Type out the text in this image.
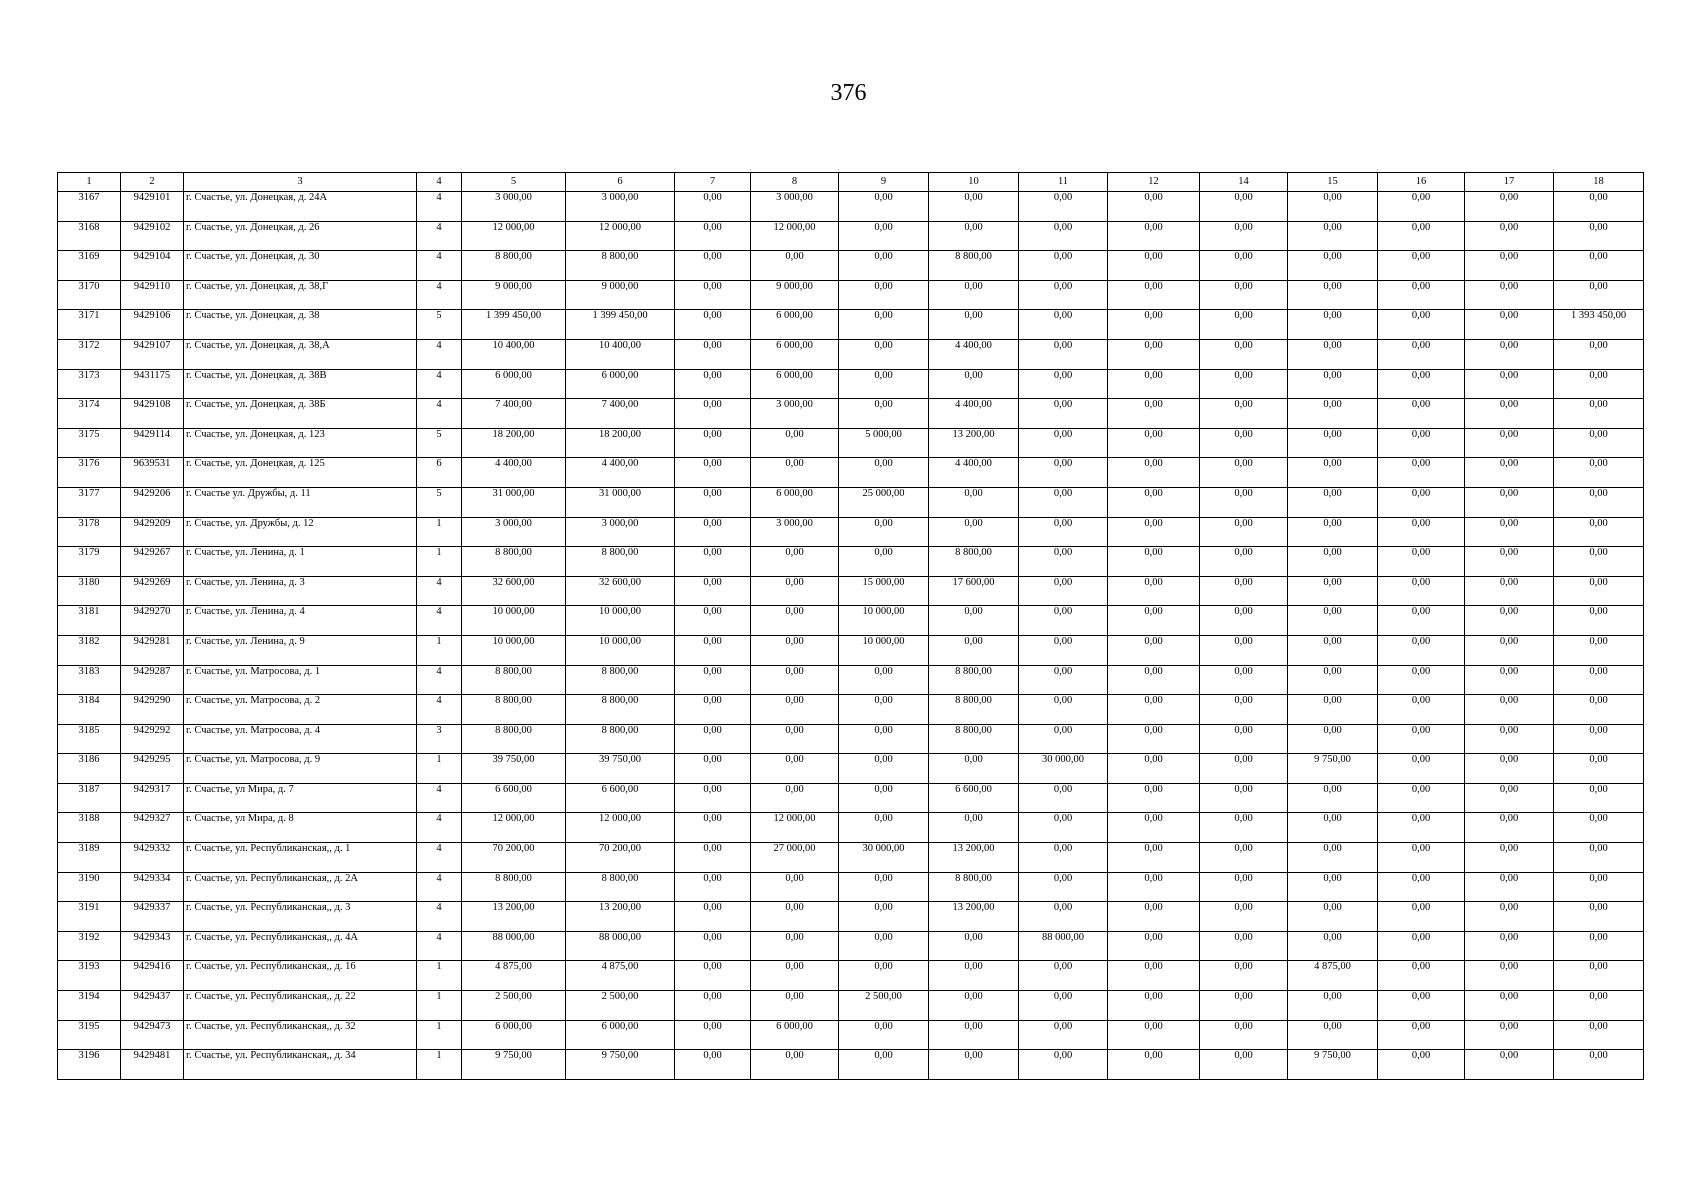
376
1	2	3	4	5	6	7	8	9	10	11	12	14	15	16	17	18
3167	9429101	г. Счастье, ул. Донецкая, д. 24А	4	3 000,00	3 000,00	0,00	3 000,00	0,00	0,00	0,00	0,00	0,00	0,00	0,00	0,00	0,00
3168	9429102	г. Счастье, ул. Донецкая, д. 26	4	12 000,00	12 000,00	0,00	12 000,00	0,00	0,00	0,00	0,00	0,00	0,00	0,00	0,00	0,00
3169	9429104	г. Счастье, ул. Донецкая, д. 30	4	8 800,00	8 800,00	0,00	0,00	0,00	8 800,00	0,00	0,00	0,00	0,00	0,00	0,00	0,00
3170	9429110	г. Счастье, ул. Донецкая, д. 38,Г	4	9 000,00	9 000,00	0,00	9 000,00	0,00	0,00	0,00	0,00	0,00	0,00	0,00	0,00	0,00
3171	9429106	г. Счастье, ул. Донецкая, д. 38	5	1 399 450,00	1 399 450,00	0,00	6 000,00	0,00	0,00	0,00	0,00	0,00	0,00	0,00	0,00	1 393 450,00
3172	9429107	г. Счастье, ул. Донецкая, д. 38,А	4	10 400,00	10 400,00	0,00	6 000,00	0,00	4 400,00	0,00	0,00	0,00	0,00	0,00	0,00	0,00
3173	9431175	г. Счастье, ул. Донецкая, д. 38В	4	6 000,00	6 000,00	0,00	6 000,00	0,00	0,00	0,00	0,00	0,00	0,00	0,00	0,00	0,00
3174	9429108	г. Счастье, ул. Донецкая, д. 38Б	4	7 400,00	7 400,00	0,00	3 000,00	0,00	4 400,00	0,00	0,00	0,00	0,00	0,00	0,00	0,00
3175	9429114	г. Счастье, ул. Донецкая, д. 123	5	18 200,00	18 200,00	0,00	0,00	5 000,00	13 200,00	0,00	0,00	0,00	0,00	0,00	0,00	0,00
3176	9639531	г. Счастье, ул. Донецкая, д. 125	6	4 400,00	4 400,00	0,00	0,00	0,00	4 400,00	0,00	0,00	0,00	0,00	0,00	0,00	0,00
3177	9429206	г. Счастье ул. Дружбы, д. 11	5	31 000,00	31 000,00	0,00	6 000,00	25 000,00	0,00	0,00	0,00	0,00	0,00	0,00	0,00	0,00
3178	9429209	г. Счастье, ул. Дружбы, д. 12	1	3 000,00	3 000,00	0,00	3 000,00	0,00	0,00	0,00	0,00	0,00	0,00	0,00	0,00	0,00
3179	9429267	г. Счастье, ул. Ленина, д. 1	1	8 800,00	8 800,00	0,00	0,00	0,00	8 800,00	0,00	0,00	0,00	0,00	0,00	0,00	0,00
3180	9429269	г. Счастье, ул. Ленина, д. 3	4	32 600,00	32 600,00	0,00	0,00	15 000,00	17 600,00	0,00	0,00	0,00	0,00	0,00	0,00	0,00
3181	9429270	г. Счастье, ул. Ленина, д. 4	4	10 000,00	10 000,00	0,00	0,00	10 000,00	0,00	0,00	0,00	0,00	0,00	0,00	0,00	0,00
3182	9429281	г. Счастье, ул. Ленина, д. 9	1	10 000,00	10 000,00	0,00	0,00	10 000,00	0,00	0,00	0,00	0,00	0,00	0,00	0,00	0,00
3183	9429287	г. Счастье, ул. Матросова, д. 1	4	8 800,00	8 800,00	0,00	0,00	0,00	8 800,00	0,00	0,00	0,00	0,00	0,00	0,00	0,00
3184	9429290	г. Счастье, ул. Матросова, д. 2	4	8 800,00	8 800,00	0,00	0,00	0,00	8 800,00	0,00	0,00	0,00	0,00	0,00	0,00	0,00
3185	9429292	г. Счастье, ул. Матросова, д. 4	3	8 800,00	8 800,00	0,00	0,00	0,00	8 800,00	0,00	0,00	0,00	0,00	0,00	0,00	0,00
3186	9429295	г. Счастье, ул. Матросова, д. 9	1	39 750,00	39 750,00	0,00	0,00	0,00	0,00	30 000,00	0,00	0,00	9 750,00	0,00	0,00	0,00
3187	9429317	г. Счастье, ул Мира, д. 7	4	6 600,00	6 600,00	0,00	0,00	0,00	6 600,00	0,00	0,00	0,00	0,00	0,00	0,00	0,00
3188	9429327	г. Счастье, ул Мира, д. 8	4	12 000,00	12 000,00	0,00	12 000,00	0,00	0,00	0,00	0,00	0,00	0,00	0,00	0,00	0,00
3189	9429332	г. Счастье, ул. Республиканская,, д. 1	4	70 200,00	70 200,00	0,00	27 000,00	30 000,00	13 200,00	0,00	0,00	0,00	0,00	0,00	0,00	0,00
3190	9429334	г. Счастье, ул. Республиканская,, д. 2А	4	8 800,00	8 800,00	0,00	0,00	0,00	8 800,00	0,00	0,00	0,00	0,00	0,00	0,00	0,00
3191	9429337	г. Счастье, ул. Республиканская,, д. 3	4	13 200,00	13 200,00	0,00	0,00	0,00	13 200,00	0,00	0,00	0,00	0,00	0,00	0,00	0,00
3192	9429343	г. Счастье, ул. Республиканская,, д. 4А	4	88 000,00	88 000,00	0,00	0,00	0,00	0,00	88 000,00	0,00	0,00	0,00	0,00	0,00	0,00
3193	9429416	г. Счастье, ул. Республиканская,, д. 16	1	4 875,00	4 875,00	0,00	0,00	0,00	0,00	0,00	0,00	0,00	4 875,00	0,00	0,00	0,00
3194	9429437	г. Счастье, ул. Республиканская,, д. 22	1	2 500,00	2 500,00	0,00	0,00	2 500,00	0,00	0,00	0,00	0,00	0,00	0,00	0,00	0,00
3195	9429473	г. Счастье, ул. Республиканская,, д. 32	1	6 000,00	6 000,00	0,00	6 000,00	0,00	0,00	0,00	0,00	0,00	0,00	0,00	0,00	0,00
3196	9429481	г. Счастье, ул. Республиканская,, д. 34	1	9 750,00	9 750,00	0,00	0,00	0,00	0,00	0,00	0,00	0,00	9 750,00	0,00	0,00	0,00
